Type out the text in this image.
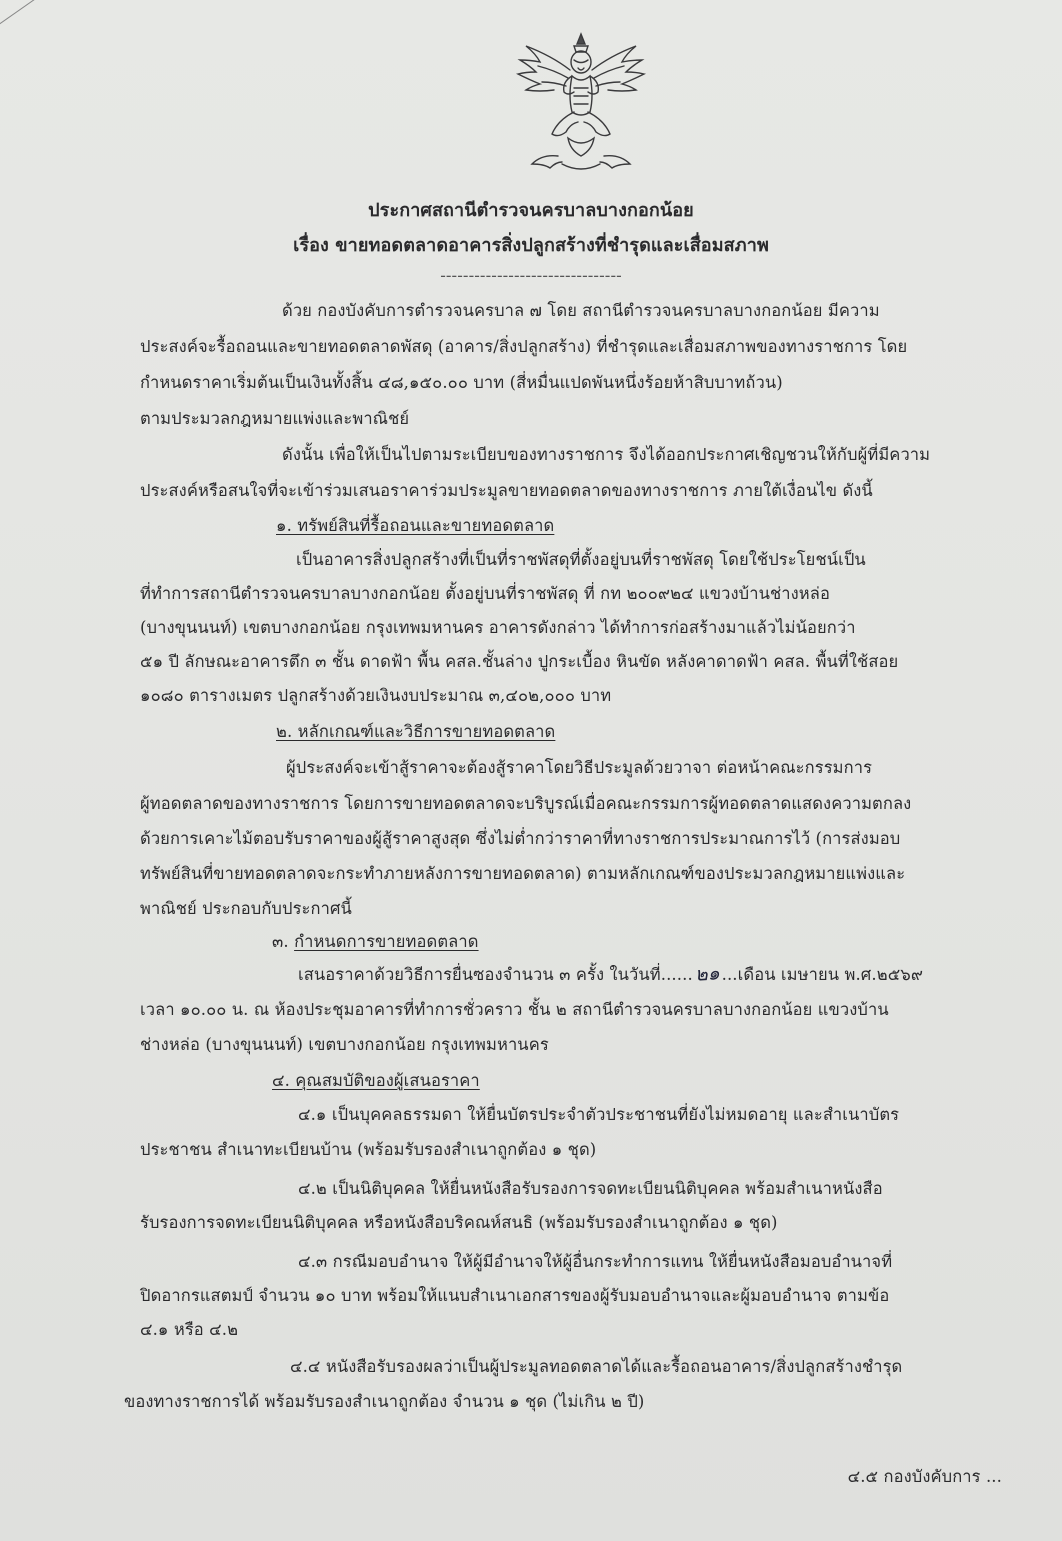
ประกาศสถานีตำรวจนครบาลบางกอกน้อย
เรื่อง ขายทอดตลาดอาคารสิ่งปลูกสร้างที่ชำรุดและเสื่อมสภาพ
--------------------------------
ด้วย กองบังคับการตำรวจนครบาล ๗ โดย สถานีตำรวจนครบาลบางกอกน้อย มีความ
ประสงค์จะรื้อถอนและขายทอดตลาดพัสดุ (อาคาร/สิ่งปลูกสร้าง) ที่ชำรุดและเสื่อมสภาพของทางราชการ โดย
กำหนดราคาเริ่มต้นเป็นเงินทั้งสิ้น ๔๘,๑๕๐.๐๐ บาท (สี่หมื่นแปดพันหนึ่งร้อยห้าสิบบาทถ้วน)
ตามประมวลกฎหมายแพ่งและพาณิชย์
ดังนั้น เพื่อให้เป็นไปตามระเบียบของทางราชการ จึงได้ออกประกาศเชิญชวนให้กับผู้ที่มีความ
ประสงค์หรือสนใจที่จะเข้าร่วมเสนอราคาร่วมประมูลขายทอดตลาดของทางราชการ ภายใต้เงื่อนไข ดังนี้
๑. ทรัพย์สินที่รื้อถอนและขายทอดตลาด
เป็นอาคารสิ่งปลูกสร้างที่เป็นที่ราชพัสดุที่ตั้งอยู่บนที่ราชพัสดุ โดยใช้ประโยชน์เป็น
ที่ทำการสถานีตำรวจนครบาลบางกอกน้อย ตั้งอยู่บนที่ราชพัสดุ ที่ กท ๒๐๐๙๒๔ แขวงบ้านช่างหล่อ
(บางขุนนนท์) เขตบางกอกน้อย กรุงเทพมหานคร อาคารดังกล่าว ได้ทำการก่อสร้างมาแล้วไม่น้อยกว่า
๕๑ ปี ลักษณะอาคารตึก ๓ ชั้น ดาดฟ้า พื้น คสล.ชั้นล่าง ปูกระเบื้อง หินขัด หลังคาดาดฟ้า คสล. พื้นที่ใช้สอย
๑๐๘๐ ตารางเมตร ปลูกสร้างด้วยเงินงบประมาณ ๓,๔๐๒,๐๐๐ บาท
๒. หลักเกณฑ์และวิธีการขายทอดตลาด
ผู้ประสงค์จะเข้าสู้ราคาจะต้องสู้ราคาโดยวิธีประมูลด้วยวาจา ต่อหน้าคณะกรรมการ
ผู้ทอดตลาดของทางราชการ โดยการขายทอดตลาดจะบริบูรณ์เมื่อคณะกรรมการผู้ทอดตลาดแสดงความตกลง
ด้วยการเคาะไม้ตอบรับราคาของผู้สู้ราคาสูงสุด ซึ่งไม่ต่ำกว่าราคาที่ทางราชการประมาณการไว้ (การส่งมอบ
ทรัพย์สินที่ขายทอดตลาดจะกระทำภายหลังการขายทอดตลาด) ตามหลักเกณฑ์ของประมวลกฎหมายแพ่งและ
พาณิชย์ ประกอบกับประกาศนี้
๓. กำหนดการขายทอดตลาด
เสนอราคาด้วยวิธีการยื่นซองจำนวน ๓ ครั้ง ในวันที่......๒๑...เดือน เมษายน พ.ศ.๒๕๖๙
เวลา ๑๐.๐๐ น. ณ ห้องประชุมอาคารที่ทำการชั่วคราว ชั้น ๒ สถานีตำรวจนครบาลบางกอกน้อย แขวงบ้าน
ช่างหล่อ (บางขุนนนท์) เขตบางกอกน้อย กรุงเทพมหานคร
๔. คุณสมบัติของผู้เสนอราคา
๔.๑ เป็นบุคคลธรรมดา ให้ยื่นบัตรประจำตัวประชาชนที่ยังไม่หมดอายุ และสำเนาบัตร
ประชาชน สำเนาทะเบียนบ้าน (พร้อมรับรองสำเนาถูกต้อง ๑ ชุด)
๔.๒ เป็นนิติบุคคล ให้ยื่นหนังสือรับรองการจดทะเบียนนิติบุคคล พร้อมสำเนาหนังสือ
รับรองการจดทะเบียนนิติบุคคล หรือหนังสือบริคณห์สนธิ (พร้อมรับรองสำเนาถูกต้อง ๑ ชุด)
๔.๓ กรณีมอบอำนาจ ให้ผู้มีอำนาจให้ผู้อื่นกระทำการแทน ให้ยื่นหนังสือมอบอำนาจที่
ปิดอากรแสตมป์ จำนวน ๑๐ บาท พร้อมให้แนบสำเนาเอกสารของผู้รับมอบอำนาจและผู้มอบอำนาจ ตามข้อ
๔.๑ หรือ ๔.๒
๔.๔ หนังสือรับรองผลว่าเป็นผู้ประมูลทอดตลาดได้และรื้อถอนอาคาร/สิ่งปลูกสร้างชำรุด
ของทางราชการได้ พร้อมรับรองสำเนาถูกต้อง จำนวน ๑ ชุด (ไม่เกิน ๒ ปี)
๔.๕ กองบังคับการ ...
